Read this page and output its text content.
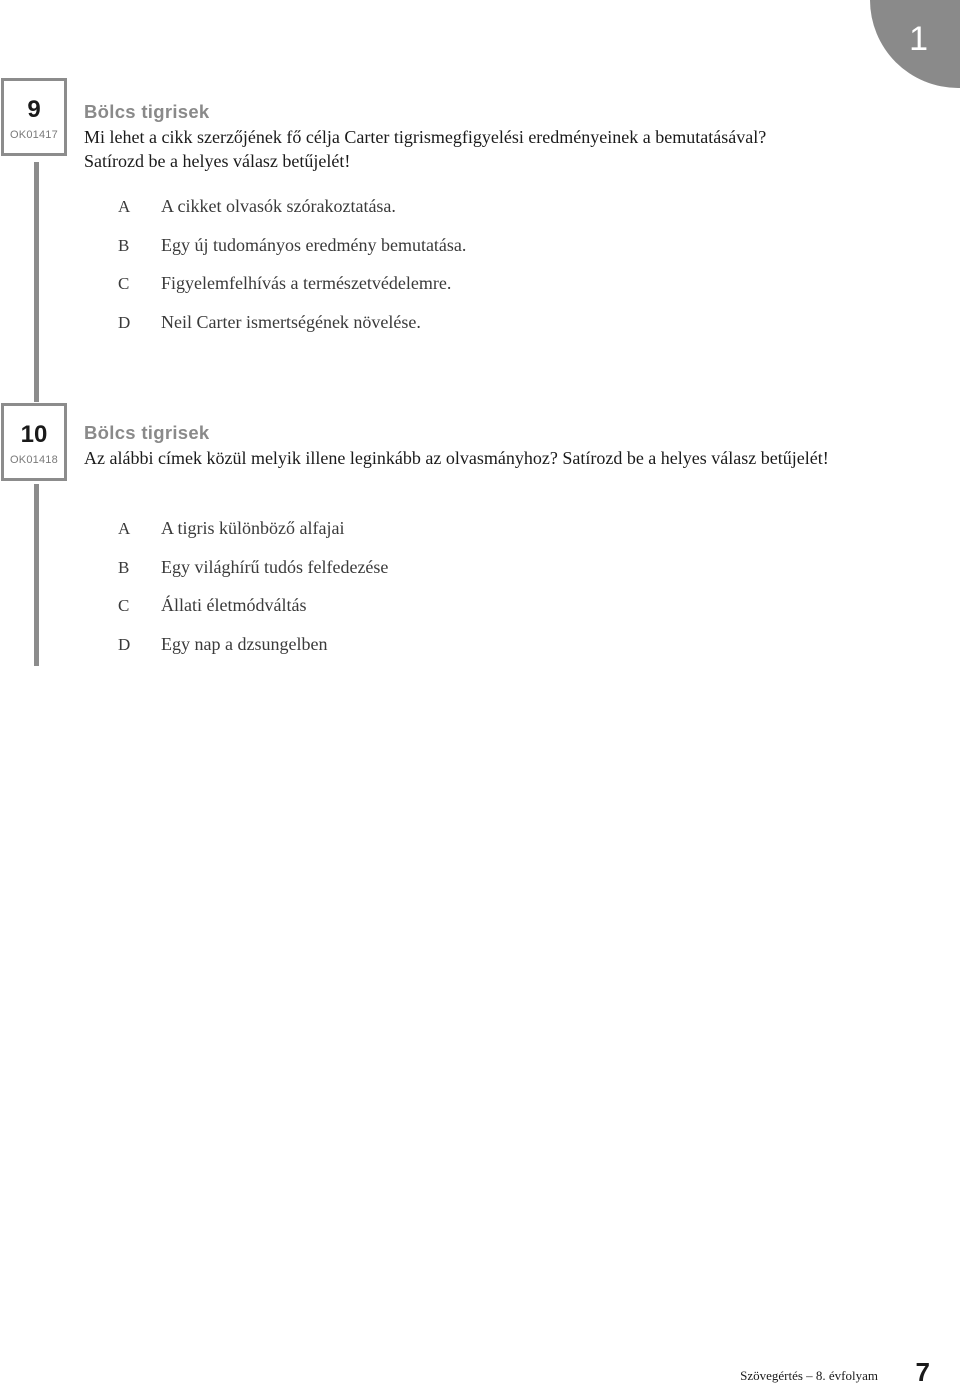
1
9
OK01417
Bölcs tigrisek
Mi lehet a cikk szerzőjének fő célja Carter tigrismegfigyelési eredményeinek a bemutatásával? Satírozd be a helyes válasz betűjelét!
A	A cikket olvasók szórakoztatása.
B	Egy új tudományos eredmény bemutatása.
C	Figyelemfelhívás a természetvédelemre.
D	Neil Carter ismertségének növelése.
10
OK01418
Bölcs tigrisek
Az alábbi címek közül melyik illene leginkább az olvasmányhoz? Satírozd be a helyes válasz betűjelét!
A	A tigris különböző alfajai
B	Egy világhírű tudós felfedezése
C	Állati életmódváltás
D	Egy nap a dzsungelben
Szövegértés – 8. évfolyam 7
